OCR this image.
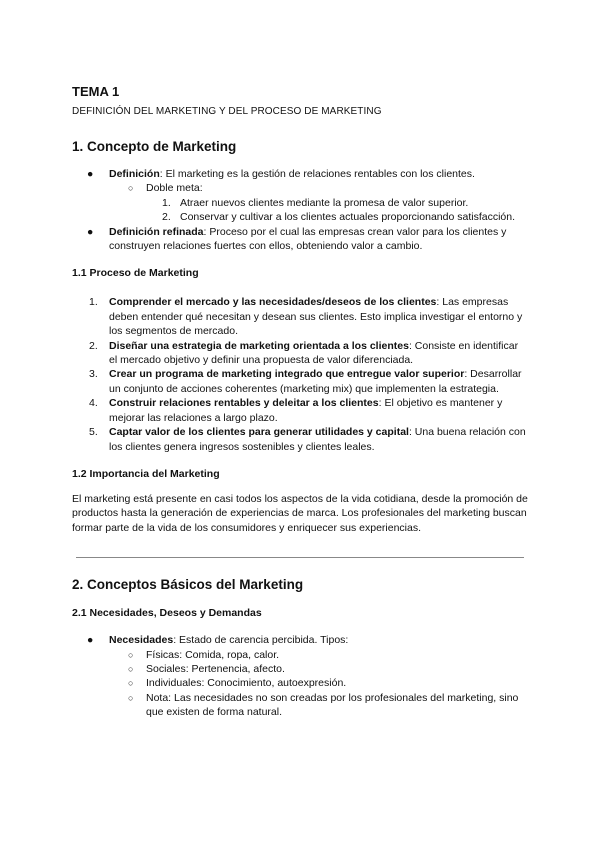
TEMA 1
DEFINICIÓN DEL MARKETING Y DEL PROCESO DE MARKETING
1. Concepto de Marketing
●	Definición: El marketing es la gestión de relaciones rentables con los clientes.
○ Doble meta:
1. Atraer nuevos clientes mediante la promesa de valor superior.
2. Conservar y cultivar a los clientes actuales proporcionando satisfacción.
●	Definición refinada: Proceso por el cual las empresas crean valor para los clientes y construyen relaciones fuertes con ellos, obteniendo valor a cambio.
1.1 Proceso de Marketing
1. Comprender el mercado y las necesidades/deseos de los clientes: Las empresas deben entender qué necesitan y desean sus clientes. Esto implica investigar el entorno y los segmentos de mercado.
2. Diseñar una estrategia de marketing orientada a los clientes: Consiste en identificar el mercado objetivo y definir una propuesta de valor diferenciada.
3. Crear un programa de marketing integrado que entregue valor superior: Desarrollar un conjunto de acciones coherentes (marketing mix) que implementen la estrategia.
4. Construir relaciones rentables y deleitar a los clientes: El objetivo es mantener y mejorar las relaciones a largo plazo.
5. Captar valor de los clientes para generar utilidades y capital: Una buena relación con los clientes genera ingresos sostenibles y clientes leales.
1.2 Importancia del Marketing

El marketing está presente en casi todos los aspectos de la vida cotidiana, desde la promoción de productos hasta la generación de experiencias de marca. Los profesionales del marketing buscan formar parte de la vida de los consumidores y enriquecer sus experiencias.

2. Conceptos Básicos del Marketing
2.1 Necesidades, Deseos y Demandas
●	Necesidades: Estado de carencia percibida. Tipos:
○ Físicas: Comida, ropa, calor.
○ Sociales: Pertenencia, afecto.
○ Individuales: Conocimiento, autoexpresión.
○ Nota: Las necesidades no son creadas por los profesionales del marketing, sino que existen de forma natural.
